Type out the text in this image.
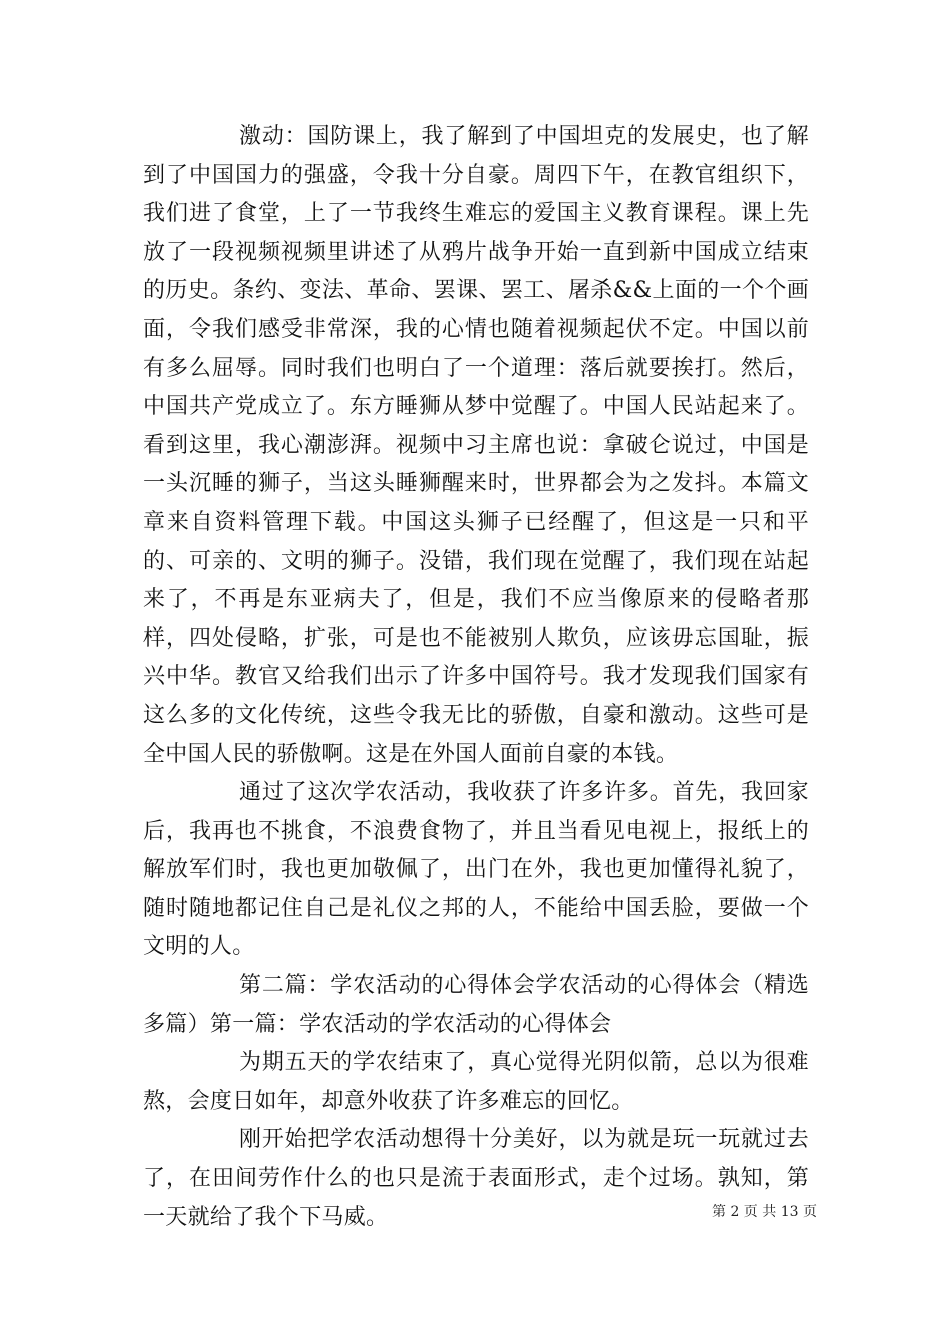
激动：国防课上，我了解到了中国坦克的发展史，也了解到了中国国力的强盛，令我十分自豪。周四下午，在教官组织下，我们进了食堂，上了一节我终生难忘的爱国主义教育课程。课上先放了一段视频视频里讲述了从鸦片战争开始一直到新中国成立结束的历史。条约、变法、革命、罢课、罢工、屠杀&&上面的一个个画面，令我们感受非常深，我的心情也随着视频起伏不定。中国以前有多么屈辱。同时我们也明白了一个道理：落后就要挨打。然后，中国共产党成立了。东方睡狮从梦中觉醒了。中国人民站起来了。看到这里，我心潮澎湃。视频中习主席也说：拿破仑说过，中国是一头沉睡的狮子，当这头睡狮醒来时，世界都会为之发抖。本篇文章来自资料管理下载。中国这头狮子已经醒了，但这是一只和平的、可亲的、文明的狮子。没错，我们现在觉醒了，我们现在站起来了，不再是东亚病夫了，但是，我们不应当像原来的侵略者那样，四处侵略，扩张，可是也不能被别人欺负，应该毋忘国耻，振兴中华。教官又给我们出示了许多中国符号。我才发现我们国家有这么多的文化传统，这些令我无比的骄傲，自豪和激动。这些可是全中国人民的骄傲啊。这是在外国人面前自豪的本钱。

通过了这次学农活动，我收获了许多许多。首先，我回家后，我再也不挑食，不浪费食物了，并且当看见电视上，报纸上的解放军们时，我也更加敬佩了，出门在外，我也更加懂得礼貌了，随时随地都记住自己是礼仪之邦的人，不能给中国丢脸，要做一个文明的人。

第二篇：学农活动的心得体会学农活动的心得体会（精选多篇）第一篇：学农活动的学农活动的心得体会

为期五天的学农结束了，真心觉得光阴似箭，总以为很难熬，会度日如年，却意外收获了许多难忘的回忆。

刚开始把学农活动想得十分美好，以为就是玩一玩就过去了，在田间劳作什么的也只是流于表面形式，走个过场。孰知，第一天就给了我个下马威。	第 2 页 共 13 页
